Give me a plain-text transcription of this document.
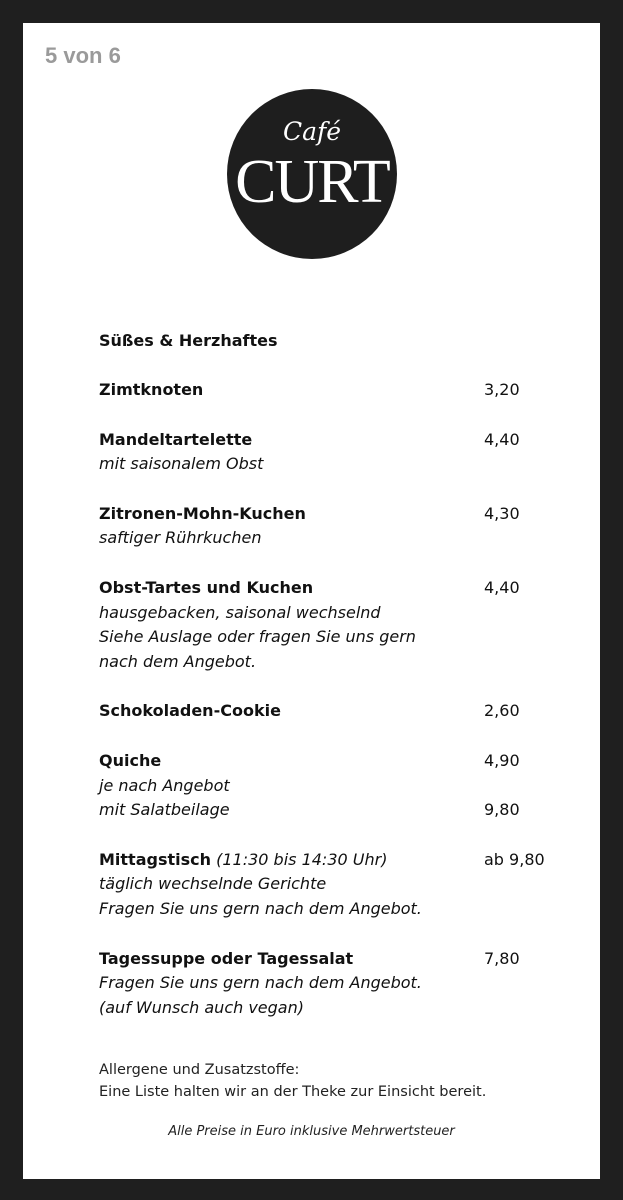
5 von 6
Café
CURT
Süßes & Herzhaftes
Zimtknoten	3,20
Mandeltartelette	4,40
mit saisonalem Obst
Zitronen-Mohn-Kuchen	4,30
saftiger Rührkuchen
Obst-Tartes und Kuchen	4,40
hausgebacken, saisonal wechselnd
Siehe Auslage oder fragen Sie uns gern
nach dem Angebot.
Schokoladen-Cookie	2,60
Quiche	4,90
je nach Angebot
mit Salatbeilage	9,80
Mittagstisch (11:30 bis 14:30 Uhr)	ab 9,80
täglich wechselnde Gerichte
Fragen Sie uns gern nach dem Angebot.
Tagessuppe oder Tagessalat	7,80
Fragen Sie uns gern nach dem Angebot.
(auf Wunsch auch vegan)
Allergene und Zusatzstoffe:
Eine Liste halten wir an der Theke zur Einsicht bereit.
Alle Preise in Euro inklusive Mehrwertsteuer
